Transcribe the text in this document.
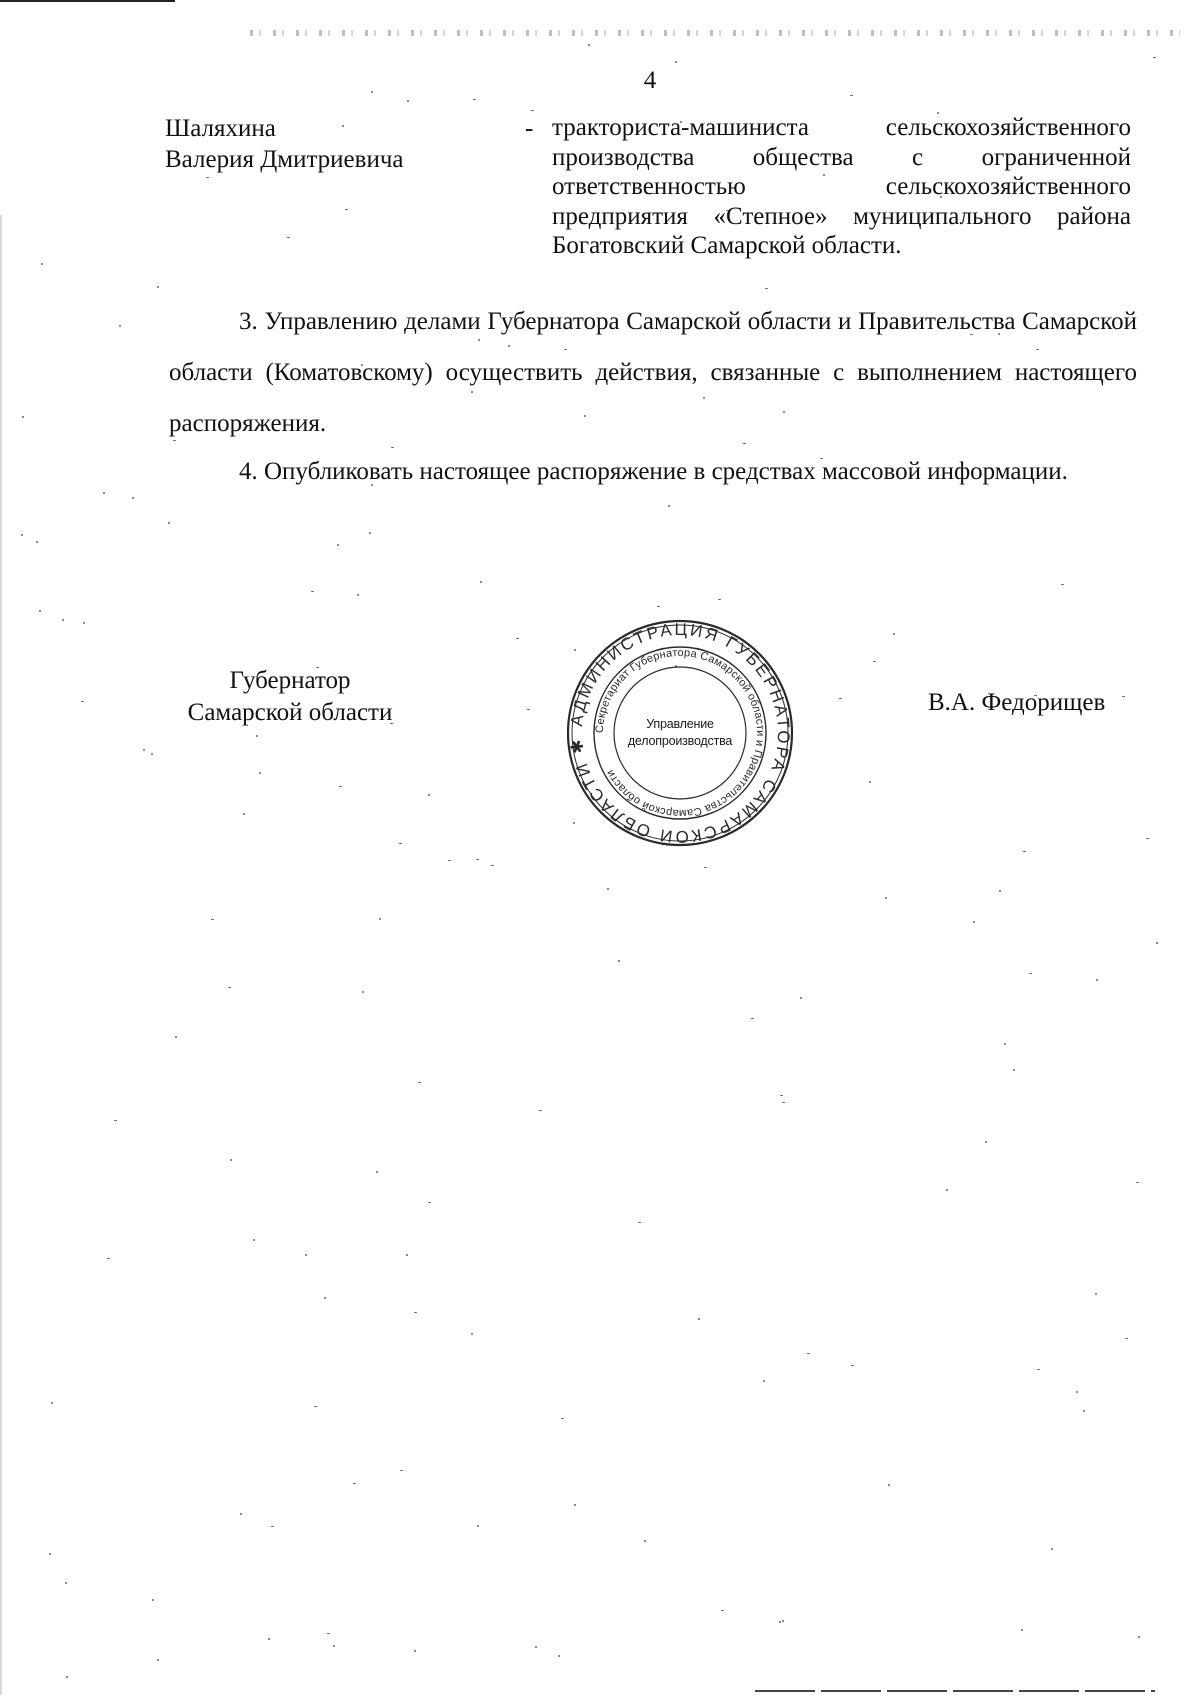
4
Шаляхина
Валерия Дмитриевича
- тракториста-машиниста сельскохозяйственного производства общества с ограниченной ответственностью сельскохозяйственного предприятия «Степное» муниципального района Богатовский Самарской области.

3. Управлению делами Губернатора Самарской области и Правительства Самарской области (Коматовскому) осуществить действия, связанные с выполнением настоящего распоряжения.

4. Опубликовать настоящее распоряжение в средствах массовой информации.

Губернатор
Самарской области	АДМИНИСТРАЦИЯ ГУБЕРНАТОРА САМАРСКОЙ ОБЛАСТИ ✱
Секретариат Губернатора Самарской области и Правительства Самарской области
Управление
делопроизводства
В.А. Федорищев
